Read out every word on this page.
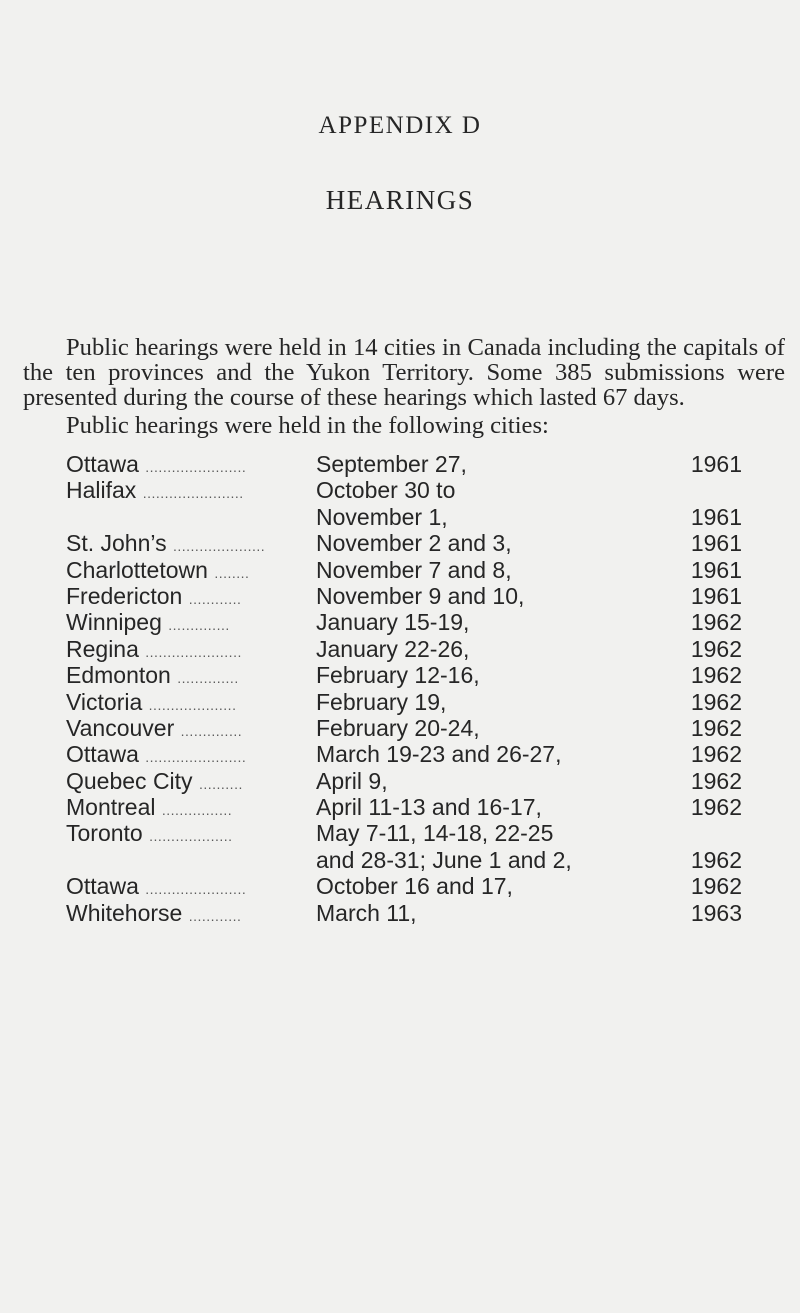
APPENDIX D
HEARINGS
Public hearings were held in 14 cities in Canada including the capitals of the ten provinces and the Yukon Territory. Some 385 submissions were presented during the course of these hearings which lasted 67 days.
Public hearings were held in the following cities:
Ottawa .......................	September 27,	1961
Halifax .......................	October 30 to
November 1,	1961
St. John’s .....................	November 2 and 3,	1961
Charlottetown ........	November 7 and 8,	1961
Fredericton ............	November 9 and 10,	1961
Winnipeg ..............	January 15-19,	1962
Regina ......................	January 22-26,	1962
Edmonton ..............	February 12-16,	1962
Victoria ....................	February 19,	1962
Vancouver ..............	February 20-24,	1962
Ottawa .......................	March 19-23 and 26-27,	1962
Quebec City ..........	April 9,	1962
Montreal ................	April 11-13 and 16-17,	1962
Toronto ...................	May 7-11, 14-18, 22-25
and 28-31; June 1 and 2,	1962
Ottawa .......................	October 16 and 17,	1962
Whitehorse ............	March 11,	1963
